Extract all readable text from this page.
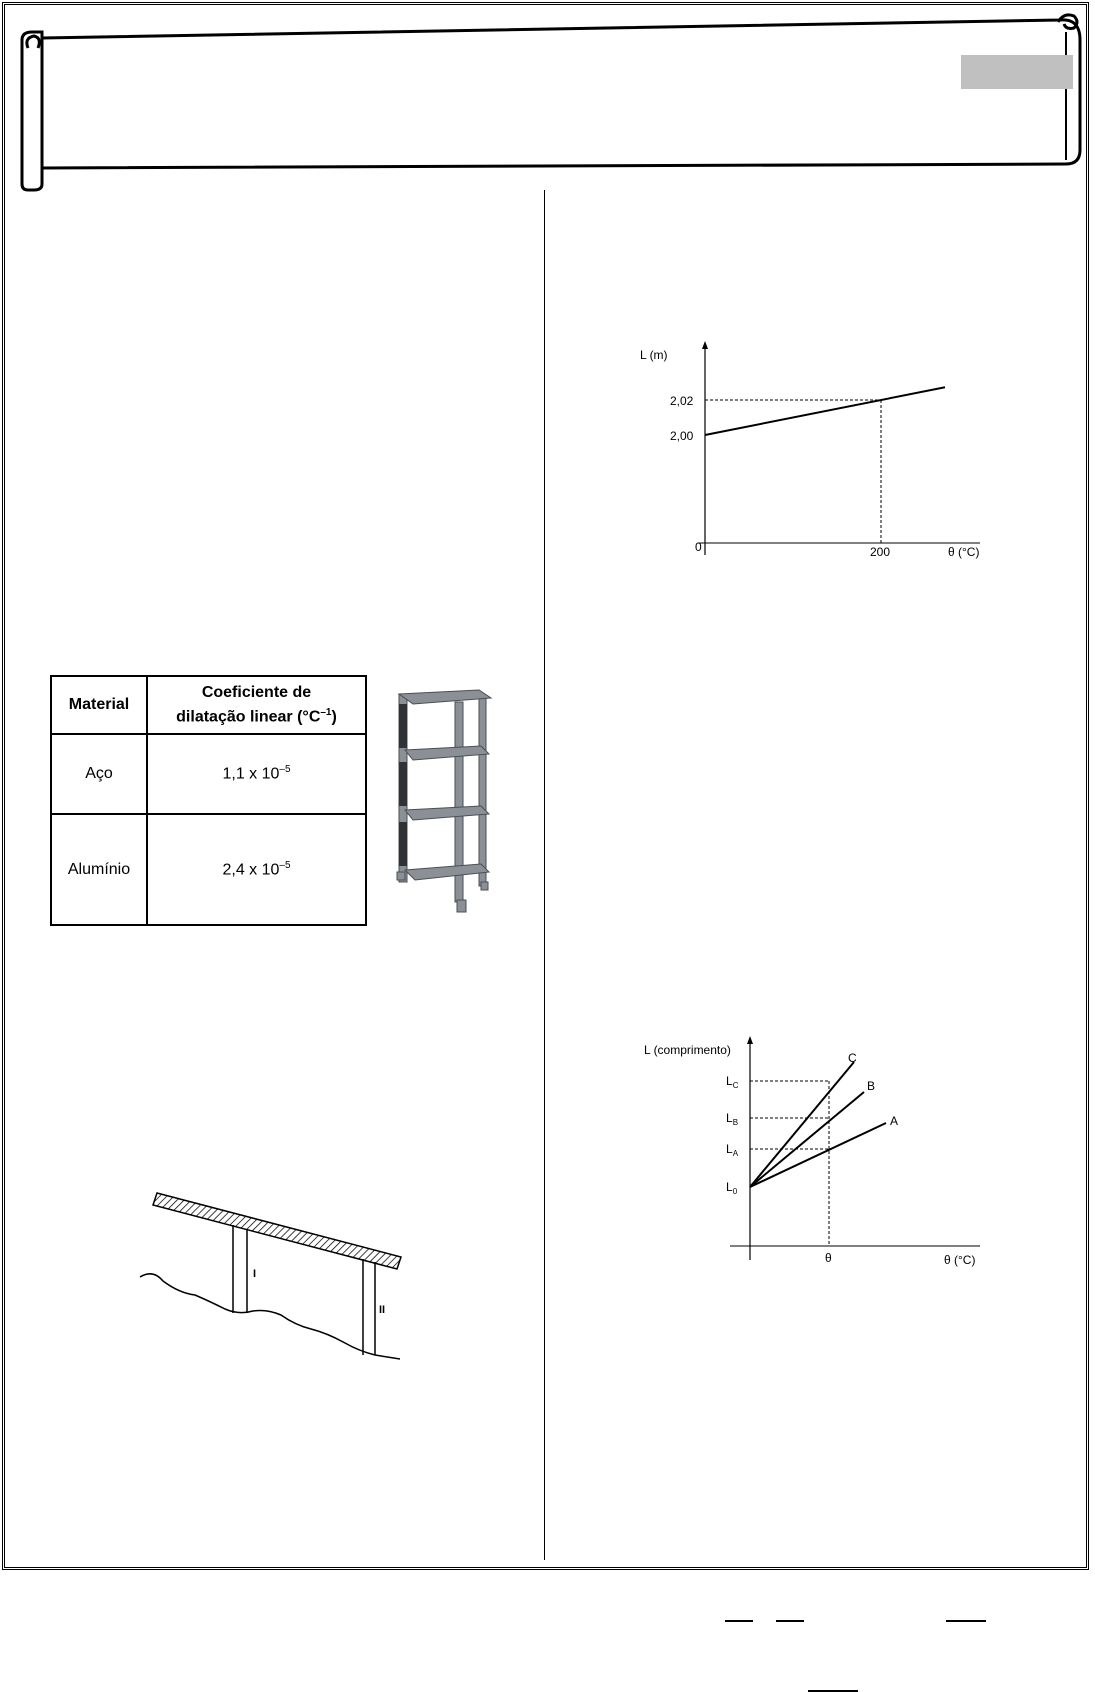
Material	Coeficiente de
dilatação linear $(^\circ C^{-1})$
Aço	1,1 x $10^{-5}$
Alumínio	2,4 x $10^{-5}$
I
II
L (m)
θ (°C)
0	200
2,00
2,02
L (comprimento)
θ (°C)
θ
$L_0$
$L_A$
$L_B$
$L_C$
C
B
A
